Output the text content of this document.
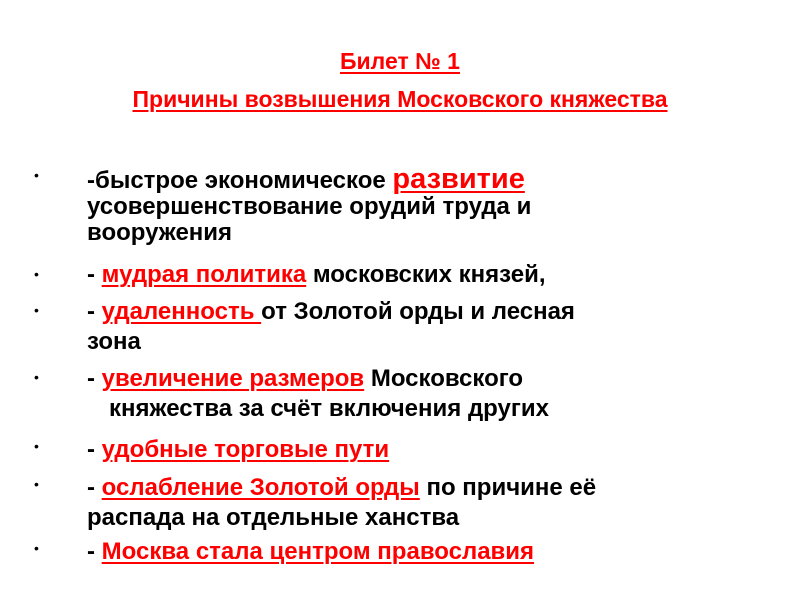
Билет № 1
Причины возвышения Московского княжества
• -быстрое экономическое развитие
усовершенствование орудий труда и
вооружения
• - мудрая политика московских князей,
• - удаленность от Золотой орды и лесная
зона
• - увеличение размеров Московского
княжества за счёт включения других
• - удобные торговые пути
• - ослабление Золотой орды по причине её
распада на отдельные ханства
• - Москва стала центром православия
